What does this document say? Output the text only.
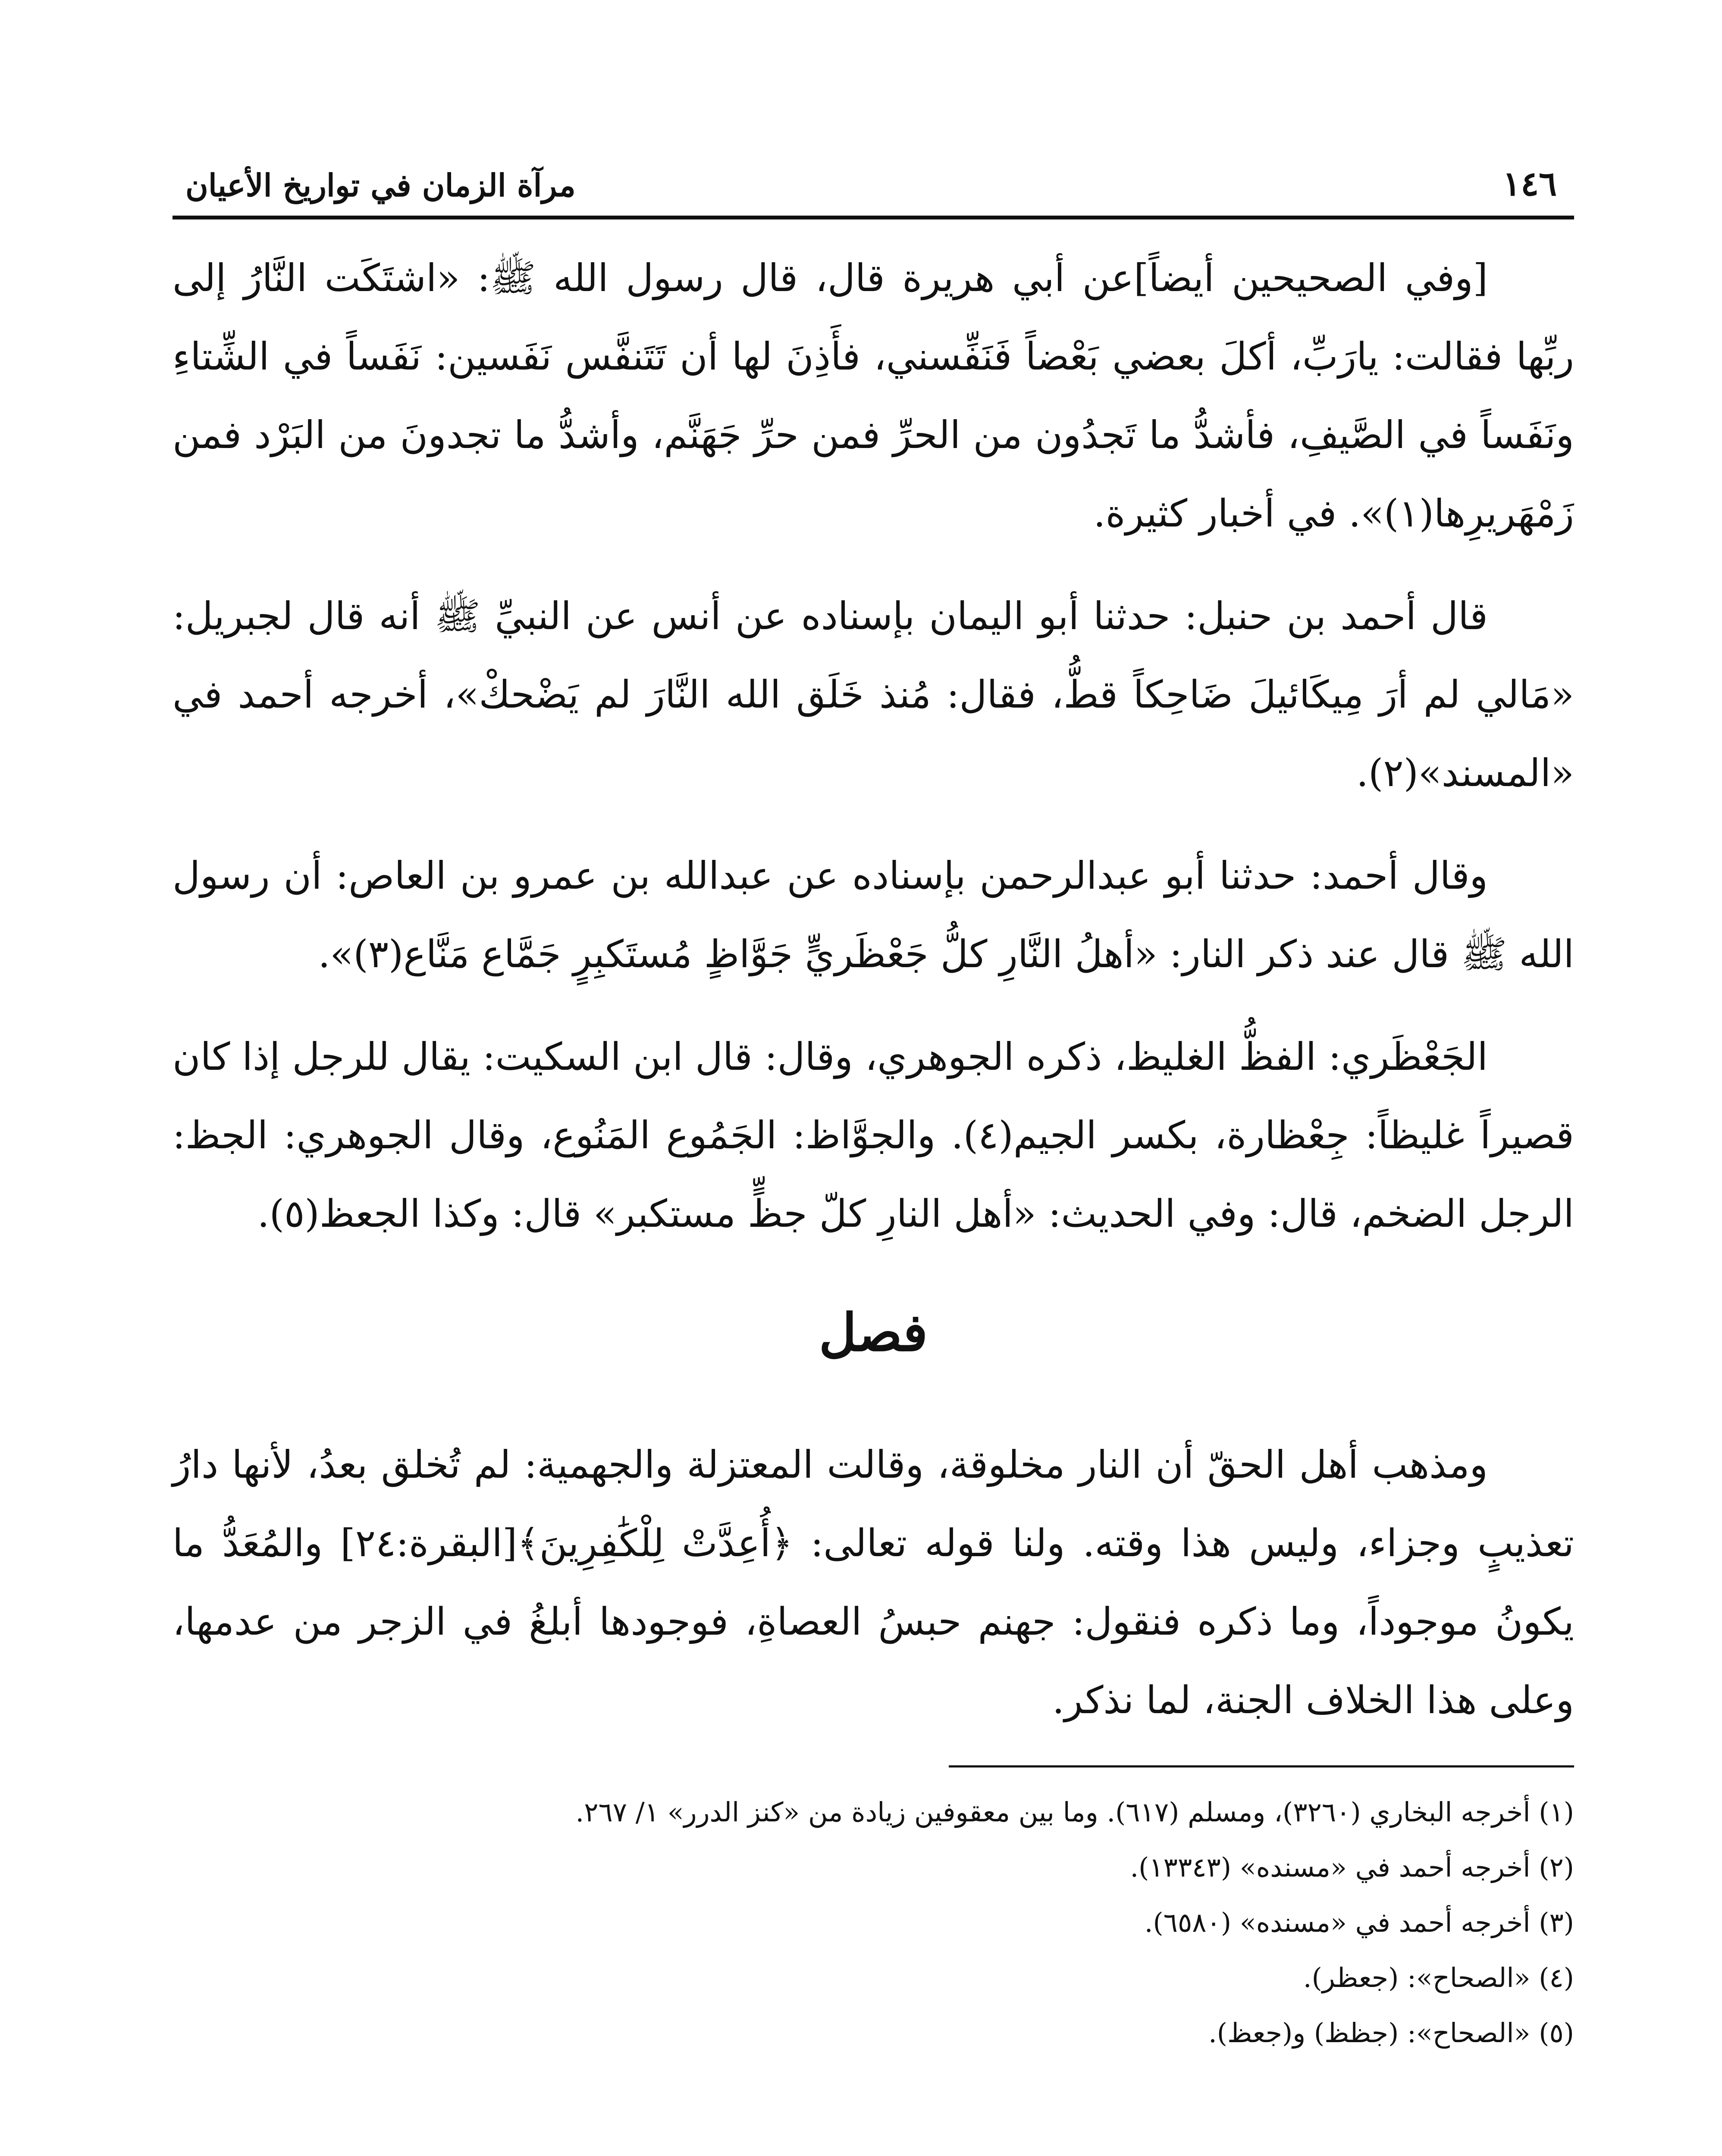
١٤٦
مرآة الزمان في تواريخ الأعيان

[وفي الصحيحين أيضاً]عن أبي هريرة قال، قال رسول الله ﷺ: «اشتَكَت النَّارُ إلى ربِّها فقالت: يارَبِّ، أكلَ بعضي بَعْضاً فَنَفِّسني، فأَذِنَ لها أن تَتَنفَّس نَفَسين: نَفَساً في الشِّتاءِ ونَفَساً في الصَّيفِ، فأشدُّ ما تَجدُون من الحرِّ فمن حرِّ جَهَنَّم، وأشدُّ ما تجدونَ من البَرْد فمن زَمْهَريرِها(١)». في أخبار كثيرة.

قال أحمد بن حنبل: حدثنا أبو اليمان بإسناده عن أنس عن النبيِّ ﷺ أنه قال لجبريل: «مَالي لم أرَ مِيكَائيلَ ضَاحِكاً قطُّ، فقال: مُنذ خَلَق الله النَّارَ لم يَضْحكْ»، أخرجه أحمد في «المسند»(٢).

وقال أحمد: حدثنا أبو عبدالرحمن بإسناده عن عبدالله بن عمرو بن العاص: أن رسول الله ﷺ قال عند ذكر النار: «أهلُ النَّارِ كلُّ جَعْظَريٍّ جَوَّاظٍ مُستَكبِرٍ جَمَّاع مَنَّاع(٣)».

الجَعْظَري: الفظُّ الغليظ، ذكره الجوهري، وقال: قال ابن السكيت: يقال للرجل إذا كان قصيراً غليظاً: جِعْظارة، بكسر الجيم(٤). والجوَّاظ: الجَمُوع المَنُوع، وقال الجوهري: الجظ: الرجل الضخم، قال: وفي الحديث: «أهل النارِ كلّ جظٍّ مستكبر» قال: وكذا الجعظ(٥).

فصل

ومذهب أهل الحقّ أن النار مخلوقة، وقالت المعتزلة والجهمية: لم تُخلق بعدُ، لأنها دارُ تعذيبٍ وجزاء، وليس هذا وقته. ولنا قوله تعالى: ﴿أُعِدَّتْ لِلْكَٰفِرِينَ﴾[البقرة:٢٤] والمُعَدُّ ما يكونُ موجوداً، وما ذكره فنقول: جهنم حبسُ العصاةِ، فوجودها أبلغُ في الزجر من عدمها، وعلى هذا الخلاف الجنة، لما نذكر.

(١) أخرجه البخاري (٣٢٦٠)، ومسلم (٦١٧). وما بين معقوفين زيادة من «كنز الدرر» ١/ ٢٦٧.

(٢) أخرجه أحمد في «مسنده» (١٣٣٤٣).

(٣) أخرجه أحمد في «مسنده» (٦٥٨٠).

(٤) «الصحاح»: (جعظر).

(٥) «الصحاح»: (جظظ) و(جعظ).
